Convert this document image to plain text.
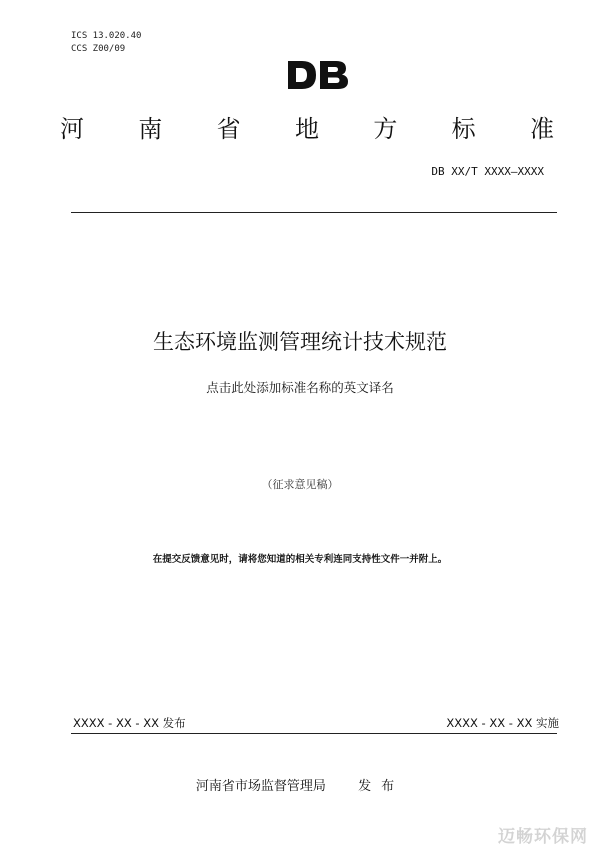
ICS 13.020.40
CCS Z00/09
河 南 省 地 方 标 准
DB XX/T XXXX—XXXX
生态环境监测管理统计技术规范
点击此处添加标准名称的英文译名
（征求意见稿）
在提交反馈意见时，请将您知道的相关专利连同支持性文件一并附上。
XXXX - XX - XX 发布	XXXX - XX - XX 实施
河南省市场监督管理局 发布
迈畅环保网
